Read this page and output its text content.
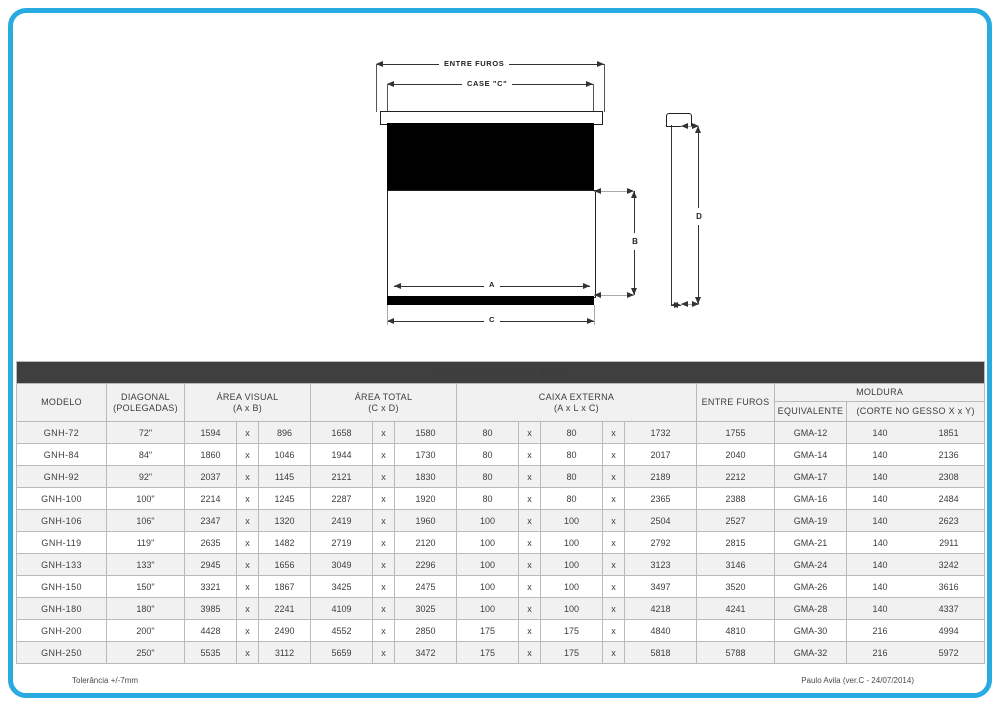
ENTRE FUROS
CASE "C"
B
A
C
D
NÃO TENSIONADA 16:9															
MODELO	
DIAGONAL
(POLEGADAS)

ÁREA VISUAL
(A x B)

ÁREA TOTAL
(C x D)

CAIXA EXTERNA
(A x L x C)
	ENTRE FUROS	MOLDURA
														EQUIVALENTE	(CORTE NO GESSO X x Y)
GNH-72	72"	1594	x	896	1658	x	1580	80	x	80	x	1732	1755	GMA-12	140 1851

GNH-84	84"	1860	x	1046	1944	x	1730	80	x	80	x	2017	2040	GMA-14	140 2136

GNH-92	92"	2037	x	1145	2121	x	1830	80	x	80	x	2189	2212	GMA-17	140 2308

GNH-100	100"	2214	x	1245	2287	x	1920	80	x	80	x	2365	2388	GMA-16	140 2484

GNH-106	106"	2347	x	1320	2419	x	1960	100	x	100	x	2504	2527	GMA-19	140 2623

GNH-119	119"	2635	x	1482	2719	x	2120	100	x	100	x	2792	2815	GMA-21	140 2911

GNH-133	133"	2945	x	1656	3049	x	2296	100	x	100	x	3123	3146	GMA-24	140 3242

GNH-150	150"	3321	x	1867	3425	x	2475	100	x	100	x	3497	3520	GMA-26	140 3616

GNH-180	180"	3985	x	2241	4109	x	3025	100	x	100	x	4218	4241	GMA-28	140 4337

GNH-200	200"	4428	x	2490	4552	x	2850	175	x	175	x	4840	4810	GMA-30	216 4994

GNH-250	250"	5535	x	3112	5659	x	3472	175	x	175	x	5818	5788	GMA-32	216 5972
Tolerância +/-7mm	Paulo Avila (ver.C - 24/07/2014)
